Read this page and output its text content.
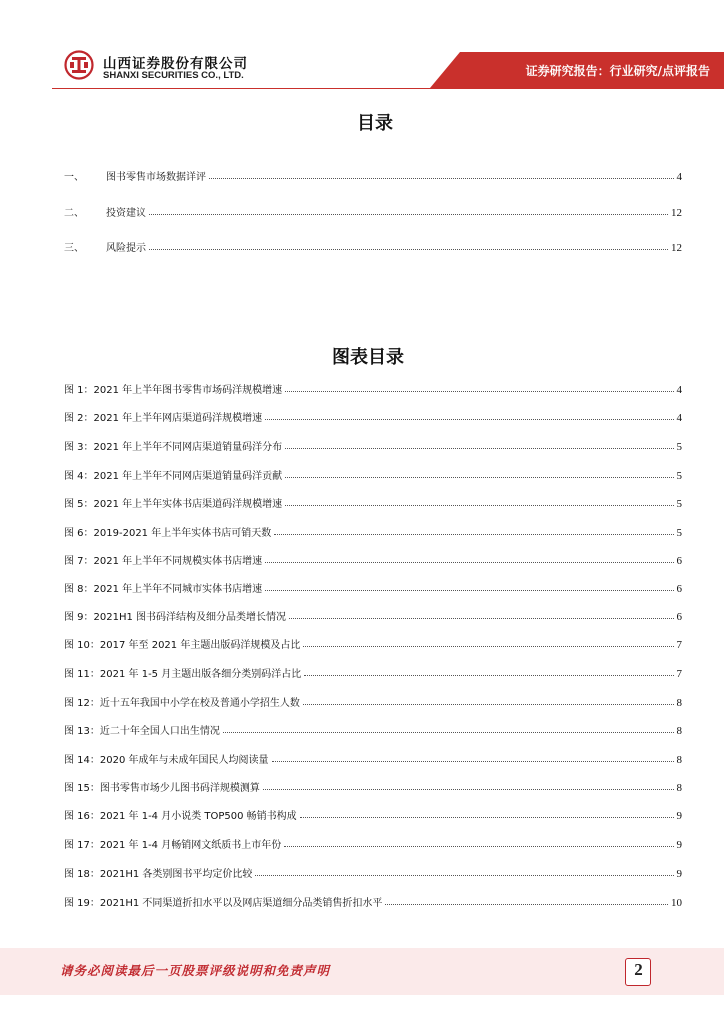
山西证券股份有限公司
SHANXI SECURITIES CO., LTD.	证券研究报告：行业研究/点评报告
目录
一、	图书零售市场数据详评	4
二、	投资建议	12
三、	风险提示	12
图表目录
图 1：2021 年上半年图书零售市场码洋规模增速	4
图 2：2021 年上半年网店渠道码洋规模增速	4
图 3：2021 年上半年不同网店渠道销量码洋分布	5
图 4：2021 年上半年不同网店渠道销量码洋贡献	5
图 5：2021 年上半年实体书店渠道码洋规模增速	5
图 6：2019-2021 年上半年实体书店可销天数	5
图 7：2021 年上半年不同规模实体书店增速	6
图 8：2021 年上半年不同城市实体书店增速	6
图 9：2021H1 图书码洋结构及细分品类增长情况	6
图 10：2017 年至 2021 年主题出版码洋规模及占比	7
图 11：2021 年 1-5 月主题出版各细分类别码洋占比	7
图 12：近十五年我国中小学在校及普通小学招生人数	8
图 13：近二十年全国人口出生情况	8
图 14：2020 年成年与未成年国民人均阅读量	8
图 15：图书零售市场少儿图书码洋规模测算	8
图 16：2021 年 1-4 月小说类 TOP500 畅销书构成	9
图 17：2021 年 1-4 月畅销网文纸质书上市年份	9
图 18：2021H1 各类别图书平均定价比较	9
图 19：2021H1 不同渠道折扣水平以及网店渠道细分品类销售折扣水平	10
请务必阅读最后一页股票评级说明和免责声明	2
